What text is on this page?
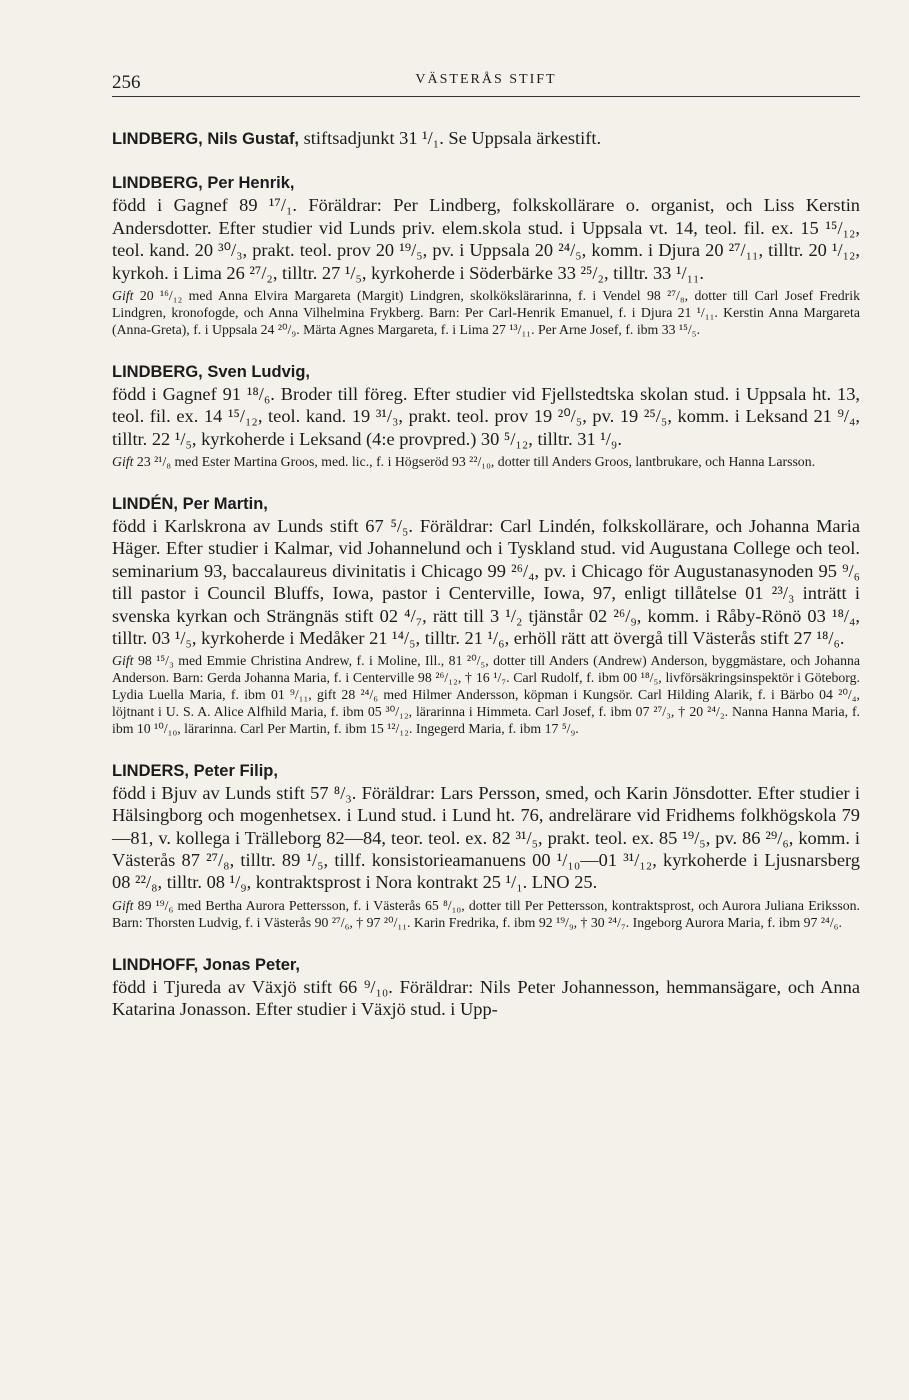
256	VÄSTERÅS STIFT

LINDBERG, Nils Gustaf, stiftsadjunkt 31 ¹/₁. Se Uppsala ärkestift.

LINDBERG, Per Henrik,

född i Gagnef 89 ¹⁷/₁. Föräldrar: Per Lindberg, folkskollärare o. organist, och Liss Kerstin Andersdotter. Efter studier vid Lunds priv. elem.skola stud. i Uppsala vt. 14, teol. fil. ex. 15 ¹⁵/₁₂, teol. kand. 20 ³⁰/₃, prakt. teol. prov 20 ¹⁹/₅, pv. i Uppsala 20 ²⁴/₅, komm. i Djura 20 ²⁷/₁₁, tilltr. 20 ¹/₁₂, kyrkoh. i Lima 26 ²⁷/₂, tilltr. 27 ¹/₅, kyrkoherde i Söderbärke 33 ²⁵/₂, tilltr. 33 ¹/₁₁.

Gift 20 ¹⁶/₁₂ med Anna Elvira Margareta (Margit) Lindgren, skolkökslärarinna, f. i Vendel 98 ²⁷/₈, dotter till Carl Josef Fredrik Lindgren, kronofogde, och Anna Vilhelmina Frykberg. Barn: Per Carl-Henrik Emanuel, f. i Djura 21 ¹/₁₁. Kerstin Anna Margareta (Anna-Greta), f. i Uppsala 24 ²⁰/₉. Märta Agnes Margareta, f. i Lima 27 ¹³/₁₁. Per Arne Josef, f. ibm 33 ¹⁵/₅.

LINDBERG, Sven Ludvig,

född i Gagnef 91 ¹⁸/₆. Broder till föreg. Efter studier vid Fjellstedtska skolan stud. i Uppsala ht. 13, teol. fil. ex. 14 ¹⁵/₁₂, teol. kand. 19 ³¹/₃, prakt. teol. prov 19 ²⁰/₅, pv. 19 ²⁵/₅, komm. i Leksand 21 ⁹/₄, tilltr. 22 ¹/₅, kyrkoherde i Leksand (4:e provpred.) 30 ⁵/₁₂, tilltr. 31 ¹/₉.

Gift 23 ²¹/₈ med Ester Martina Groos, med. lic., f. i Högseröd 93 ²²/₁₀, dotter till Anders Groos, lantbrukare, och Hanna Larsson.

LINDÉN, Per Martin,

född i Karlskrona av Lunds stift 67 ⁵/₅. Föräldrar: Carl Lindén, folkskollärare, och Johanna Maria Häger. Efter studier i Kalmar, vid Johannelund och i Tyskland stud. vid Augustana College och teol. seminarium 93, baccalaureus divinitatis i Chicago 99 ²⁶/₄, pv. i Chicago för Augustanasynoden 95 ⁹/₆ till pastor i Council Bluffs, Iowa, pastor i Centerville, Iowa, 97, enligt tillåtelse 01 ²³/₃ inträtt i svenska kyrkan och Strängnäs stift 02 ⁴/₇, rätt till 3 ¹/₂ tjänstår 02 ²⁶/₉, komm. i Råby-Rönö 03 ¹⁸/₄, tilltr. 03 ¹/₅, kyrkoherde i Medåker 21 ¹⁴/₅, tilltr. 21 ¹/₆, erhöll rätt att övergå till Västerås stift 27 ¹⁸/₆.

Gift 98 ¹⁵/₃ med Emmie Christina Andrew, f. i Moline, Ill., 81 ²⁰/₅, dotter till Anders (Andrew) Anderson, byggmästare, och Johanna Anderson. Barn: Gerda Johanna Maria, f. i Centerville 98 ²⁶/₁₂, † 16 ¹/₇. Carl Rudolf, f. ibm 00 ¹⁸/₅, livförsäkringsinspektör i Göteborg. Lydia Luella Maria, f. ibm 01 ⁹/₁₁, gift 28 ²⁴/₆ med Hilmer Andersson, köpman i Kungsör. Carl Hilding Alarik, f. i Bärbo 04 ²⁰/₄, löjtnant i U. S. A. Alice Alfhild Maria, f. ibm 05 ³⁰/₁₂, lärarinna i Himmeta. Carl Josef, f. ibm 07 ²⁷/₃, † 20 ²⁴/₂. Nanna Hanna Maria, f. ibm 10 ¹⁰/₁₀, lärarinna. Carl Per Martin, f. ibm 15 ¹²/₁₂. Ingegerd Maria, f. ibm 17 ⁵/₉.

LINDERS, Peter Filip,

född i Bjuv av Lunds stift 57 ⁸/₃. Föräldrar: Lars Persson, smed, och Karin Jönsdotter. Efter studier i Hälsingborg och mogenhetsex. i Lund stud. i Lund ht. 76, andrelärare vid Fridhems folkhögskola 79—81, v. kollega i Trälleborg 82—84, teor. teol. ex. 82 ³¹/₅, prakt. teol. ex. 85 ¹⁹/₅, pv. 86 ²⁹/₆, komm. i Västerås 87 ²⁷/₈, tilltr. 89 ¹/₅, tillf. konsistorieamanuens 00 ¹/₁₀—01 ³¹/₁₂, kyrkoherde i Ljusnarsberg 08 ²²/₈, tilltr. 08 ¹/₉, kontraktsprost i Nora kontrakt 25 ¹/₁. LNO 25.

Gift 89 ¹⁹/₆ med Bertha Aurora Pettersson, f. i Västerås 65 ⁸/₁₀, dotter till Per Pettersson, kontraktsprost, och Aurora Juliana Eriksson. Barn: Thorsten Ludvig, f. i Västerås 90 ²⁷/₆, † 97 ²⁰/₁₁. Karin Fredrika, f. ibm 92 ¹⁹/₉, † 30 ²⁴/₇. Ingeborg Aurora Maria, f. ibm 97 ²⁴/₆.

LINDHOFF, Jonas Peter,

född i Tjureda av Växjö stift 66 ⁹/₁₀. Föräldrar: Nils Peter Johannesson, hemmansägare, och Anna Katarina Jonasson. Efter studier i Växjö stud. i Upp-
